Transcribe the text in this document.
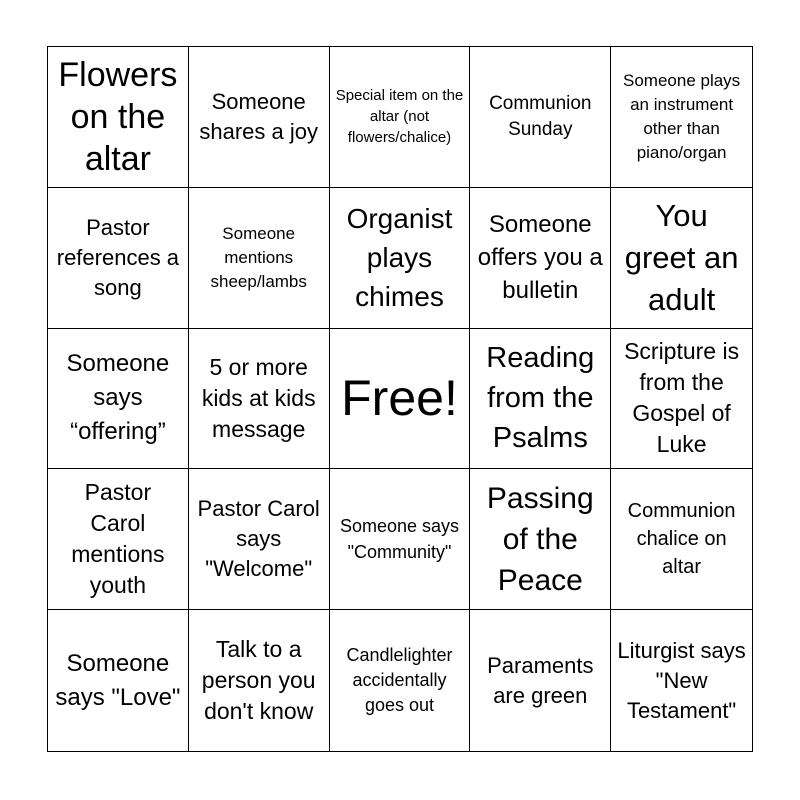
Flowers on the altar
Someone shares a joy
Special item on the altar (not flowers/chalice)
Communion Sunday
Someone plays an instrument other than piano/organ
Pastor references a song
Someone mentions sheep/lambs
Organist plays chimes
Someone offers you a bulletin
You greet an adult
Someone says “offering”
5 or more kids at kids message
Free!
Reading from the Psalms
Scripture is from the Gospel of Luke
Pastor Carol mentions youth
Pastor Carol says "Welcome"
Someone says "Community"
Passing of the Peace
Communion chalice on altar
Someone says "Love"
Talk to a person you don't know
Candlelighter accidentally goes out
Paraments are green
Liturgist says "New Testament"
